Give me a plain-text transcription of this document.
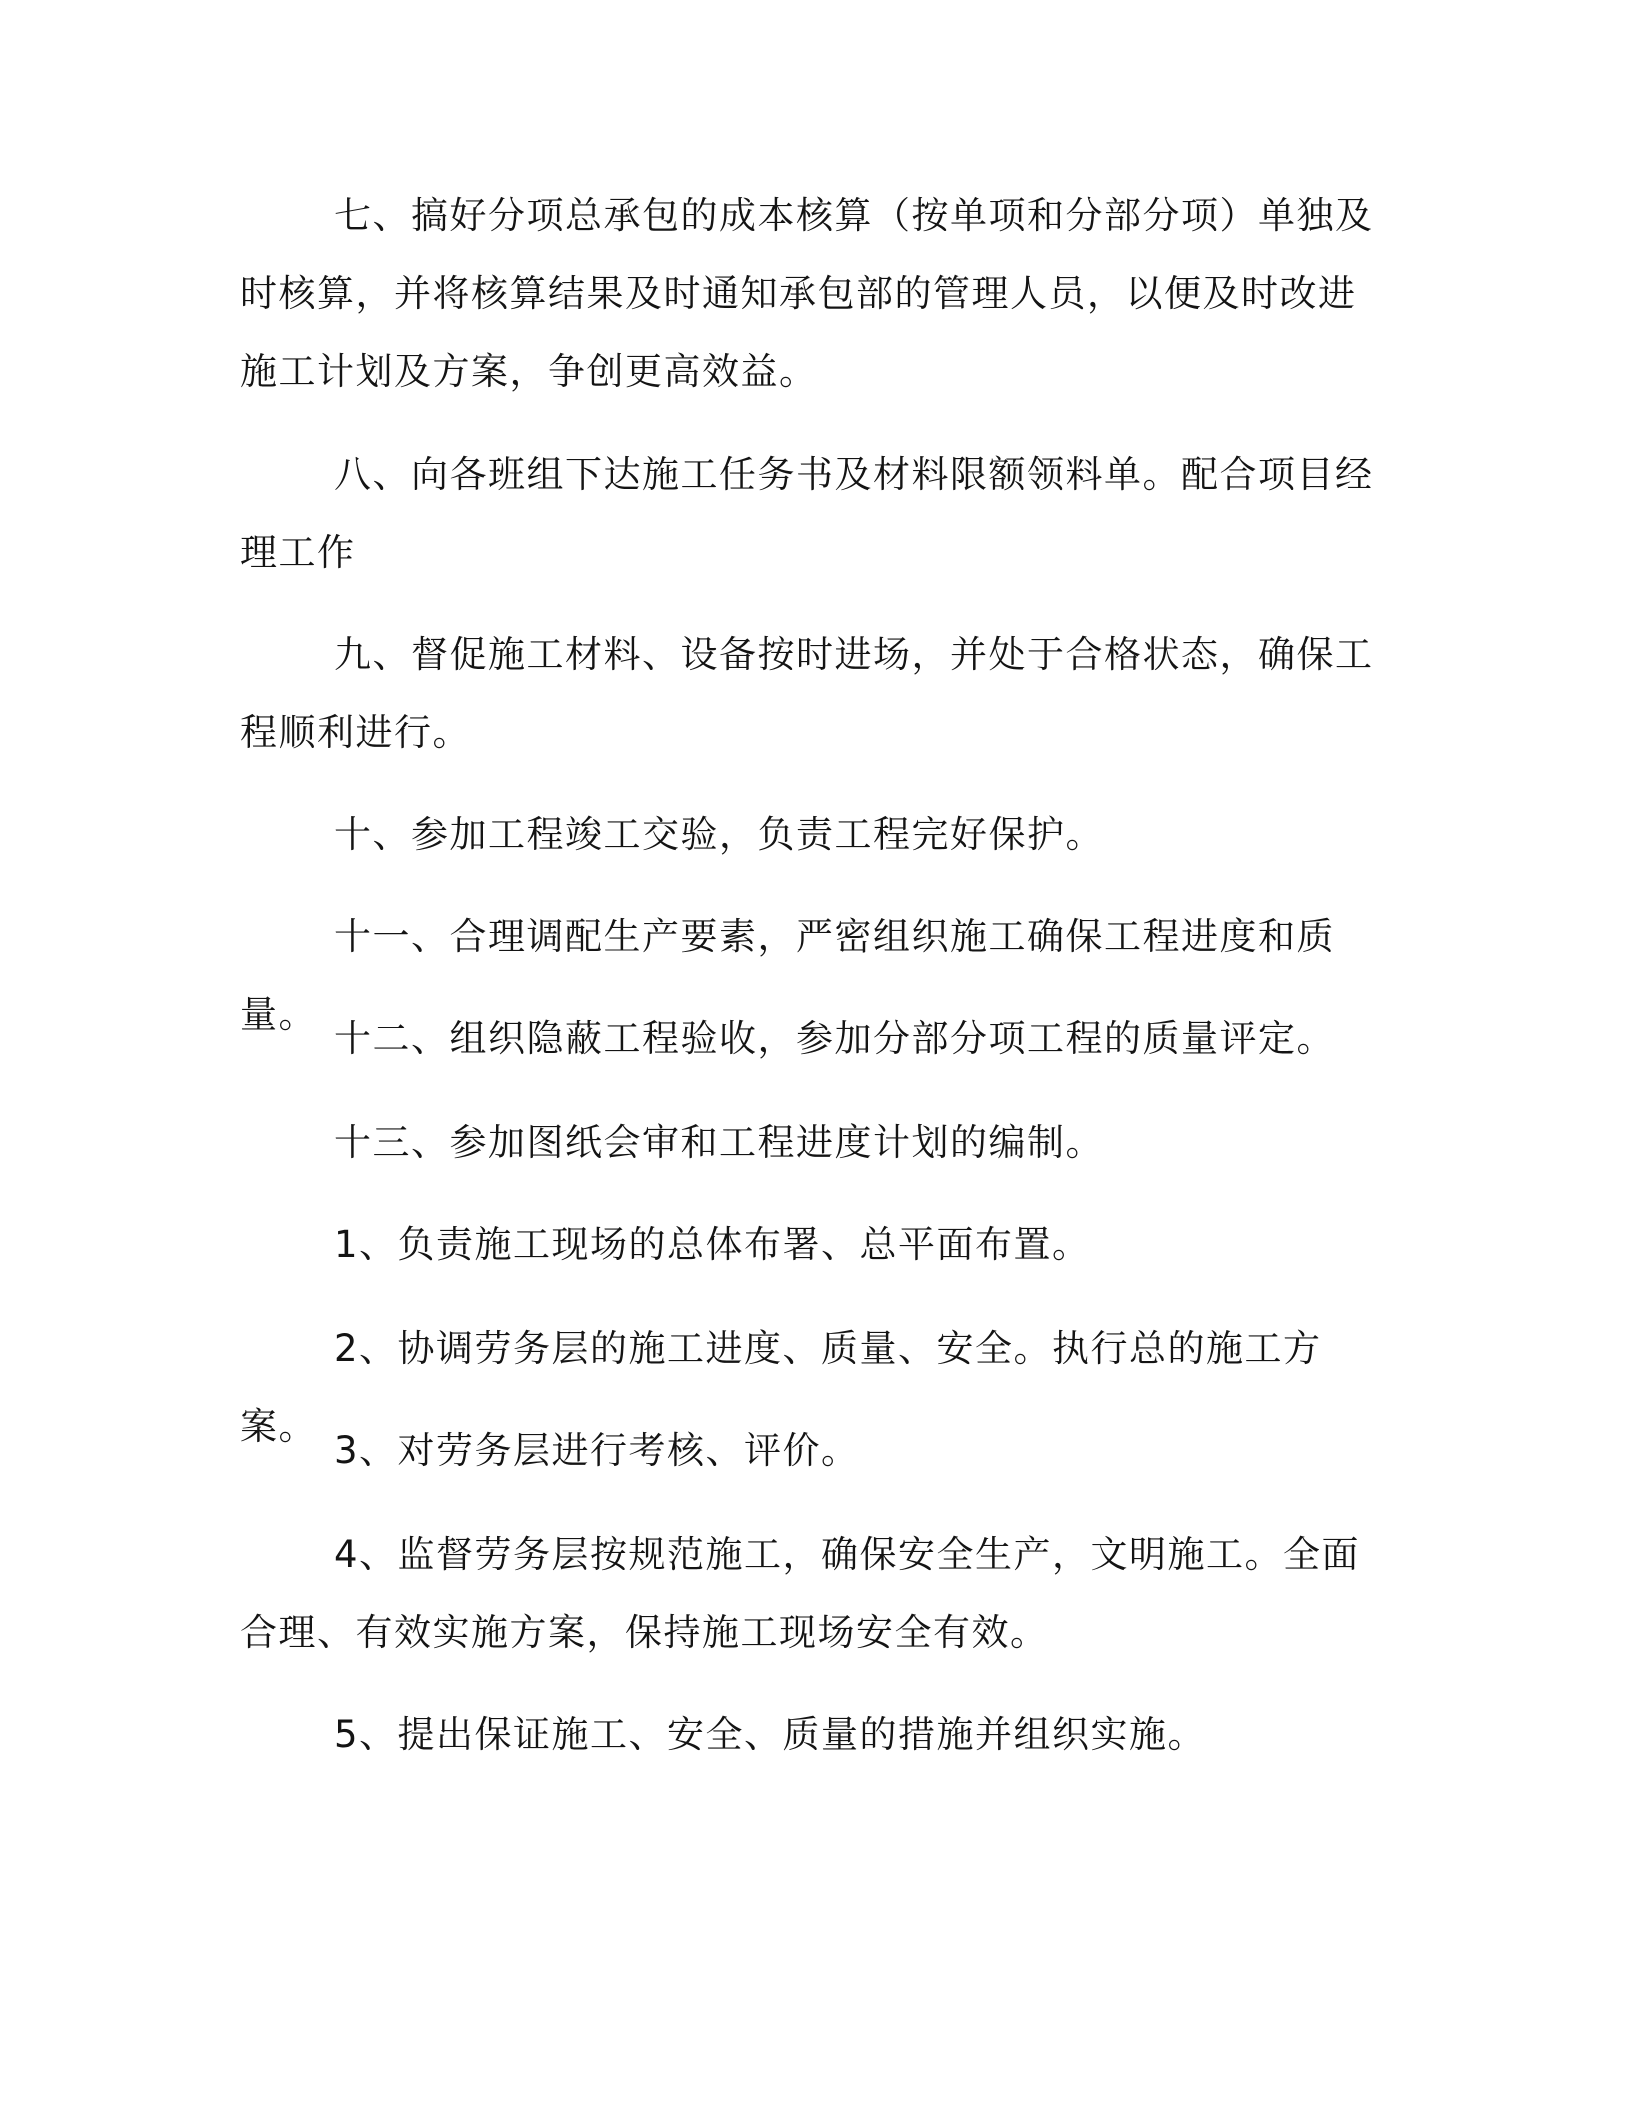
七、搞好分项总承包的成本核算（按单项和分部分项）单独及时核算，并将核算结果及时通知承包部的管理人员，以便及时改进施工计划及方案，争创更高效益。

八、向各班组下达施工任务书及材料限额领料单。配合项目经理工作

九、督促施工材料、设备按时进场，并处于合格状态，确保工程顺利进行。

十、参加工程竣工交验，负责工程完好保护。

十一、合理调配生产要素，严密组织施工确保工程进度和质量。

十二、组织隐蔽工程验收，参加分部分项工程的质量评定。

十三、参加图纸会审和工程进度计划的编制。

1、负责施工现场的总体布署、总平面布置。

2、协调劳务层的施工进度、质量、安全。执行总的施工方案。

3、对劳务层进行考核、评价。

4、监督劳务层按规范施工，确保安全生产，文明施工。全面合理、有效实施方案，保持施工现场安全有效。

5、提出保证施工、安全、质量的措施并组织实施。
